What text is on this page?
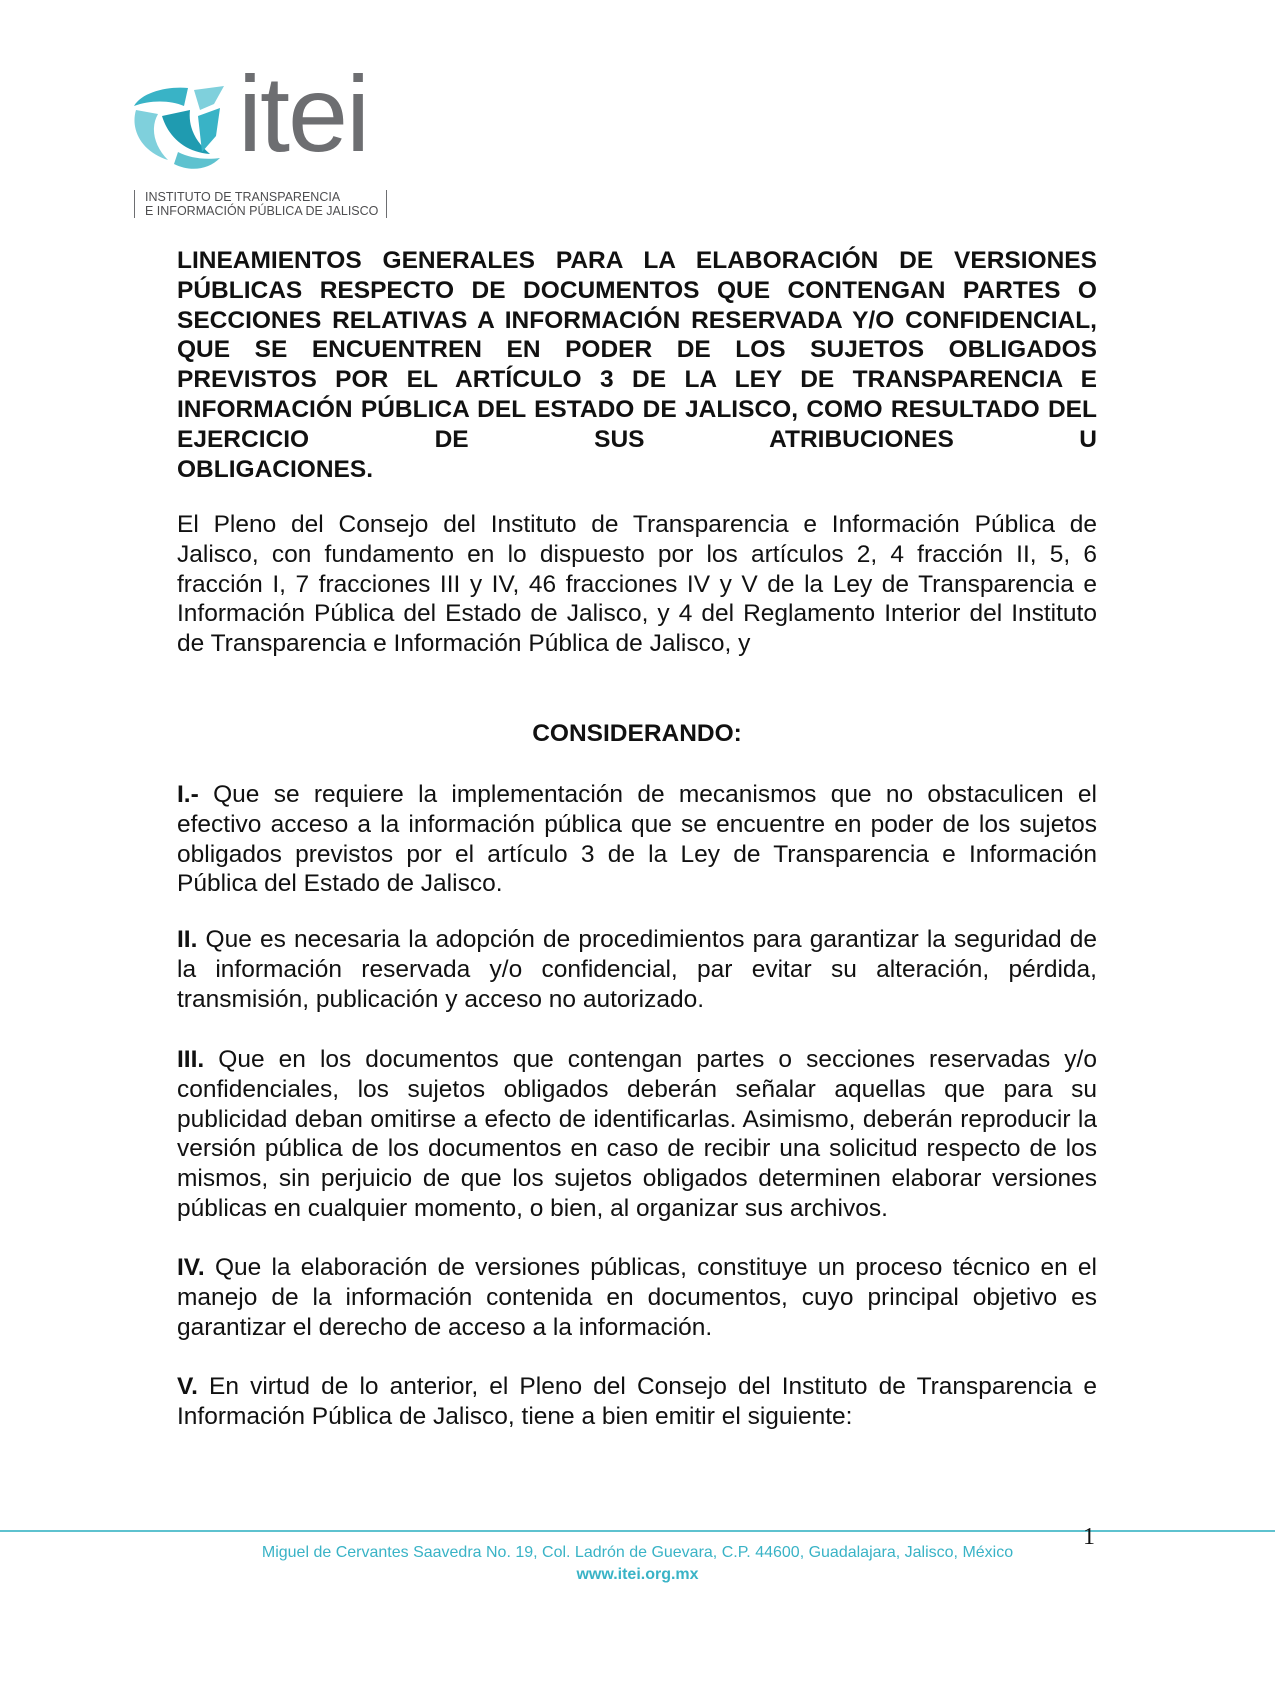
itei
INSTITUTO DE TRANSPARENCIA
E INFORMACIÓN PÚBLICA DE JALISCO
LINEAMIENTOS GENERALES PARA LA ELABORACIÓN DE VERSIONES PÚBLICAS RESPECTO DE DOCUMENTOS QUE CONTENGAN PARTES O SECCIONES RELATIVAS A INFORMACIÓN RESERVADA Y/O CONFIDENCIAL, QUE SE ENCUENTREN EN PODER DE LOS SUJETOS OBLIGADOS PREVISTOS POR EL ARTÍCULO 3 DE LA LEY DE TRANSPARENCIA E INFORMACIÓN PÚBLICA DEL ESTADO DE JALISCO, COMO RESULTADO DEL EJERCICIO DE SUS ATRIBUCIONES U
OBLIGACIONES.
El Pleno del Consejo del Instituto de Transparencia e Información Pública de Jalisco, con fundamento en lo dispuesto por los artículos 2, 4 fracción II, 5, 6 fracción I, 7 fracciones III y IV, 46 fracciones IV y V de la Ley de Transparencia e Información Pública del Estado de Jalisco, y 4 del Reglamento Interior del Instituto de Transparencia e Información Pública de Jalisco, y
CONSIDERANDO:
I.- Que se requiere la implementación de mecanismos que no obstaculicen el efectivo acceso a la información pública que se encuentre en poder de los sujetos obligados previstos por el artículo 3 de la Ley de Transparencia e Información Pública del Estado de Jalisco.
II. Que es necesaria la adopción de procedimientos para garantizar la seguridad de la información reservada y/o confidencial, par evitar su alteración, pérdida, transmisión, publicación y acceso no autorizado.
III. Que en los documentos que contengan partes o secciones reservadas y/o confidenciales, los sujetos obligados deberán señalar aquellas que para su publicidad deban omitirse a efecto de identificarlas. Asimismo, deberán reproducir la versión pública de los documentos en caso de recibir una solicitud respecto de los mismos, sin perjuicio de que los sujetos obligados determinen elaborar versiones públicas en cualquier momento, o bien, al organizar sus archivos.
IV. Que la elaboración de versiones públicas, constituye un proceso técnico en el manejo de la información contenida en documentos, cuyo principal objetivo es garantizar el derecho de acceso a la información.
V. En virtud de lo anterior, el Pleno del Consejo del Instituto de Transparencia e Información Pública de Jalisco, tiene a bien emitir el siguiente:
1
Miguel de Cervantes Saavedra No. 19, Col. Ladrón de Guevara, C.P. 44600, Guadalajara, Jalisco, México
www.itei.org.mx
